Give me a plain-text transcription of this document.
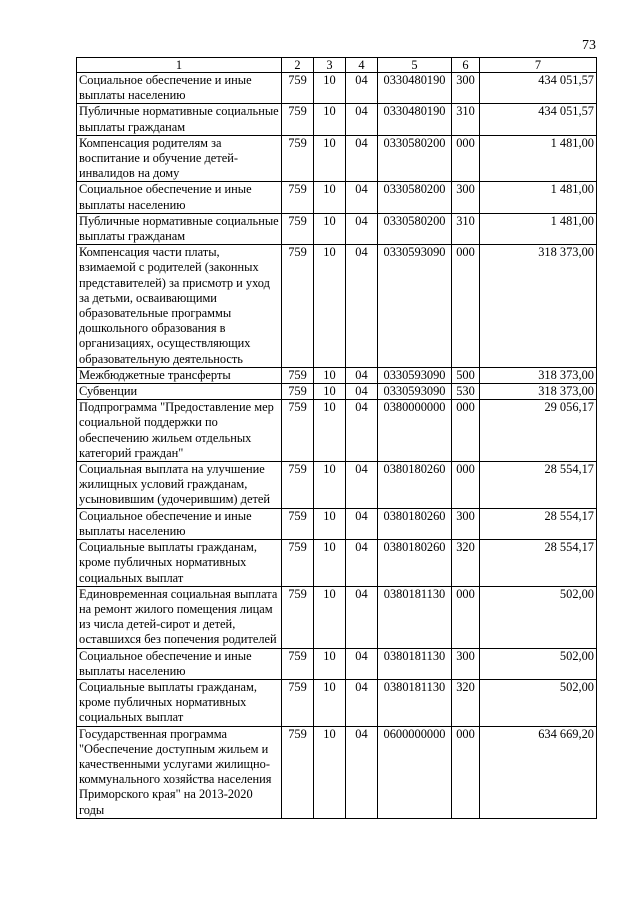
73
1	2	3	4	5	6	7
Социальное обеспечение и иные выплаты населению	759	10	04	0330480190	300	434 051,57
Публичные нормативные социальные выплаты гражданам	759	10	04	0330480190	310	434 051,57
Компенсация родителям за воспитание и обучение детей-инвалидов на дому	759	10	04	0330580200	000	1 481,00
Социальное обеспечение и иные выплаты населению	759	10	04	0330580200	300	1 481,00
Публичные нормативные социальные выплаты гражданам	759	10	04	0330580200	310	1 481,00
Компенсация части платы, взимаемой с родителей (законных представителей) за присмотр и уход за детьми, осваивающими образовательные программы дошкольного образования в организациях, осуществляющих образовательную деятельность	759	10	04	0330593090	000	318 373,00
Межбюджетные трансферты	759	10	04	0330593090	500	318 373,00
Субвенции	759	10	04	0330593090	530	318 373,00
Подпрограмма "Предоставление мер социальной поддержки по обеспечению жильем отдельных категорий граждан"	759	10	04	0380000000	000	29 056,17
Социальная выплата на улучшение жилищных условий гражданам, усыновившим (удочерившим) детей	759	10	04	0380180260	000	28 554,17
Социальное обеспечение и иные выплаты населению	759	10	04	0380180260	300	28 554,17
Социальные выплаты гражданам, кроме публичных нормативных социальных выплат	759	10	04	0380180260	320	28 554,17
Единовременная социальная выплата на ремонт жилого помещения лицам из числа детей-сирот и детей, оставшихся без попечения родителей	759	10	04	0380181130	000	502,00
Социальное обеспечение и иные выплаты населению	759	10	04	0380181130	300	502,00
Социальные выплаты гражданам, кроме публичных нормативных социальных выплат	759	10	04	0380181130	320	502,00
Государственная программа "Обеспечение доступным жильем и качественными услугами жилищно-коммунального хозяйства населения Приморского края" на 2013-2020 годы	759	10	04	0600000000	000	634 669,20
